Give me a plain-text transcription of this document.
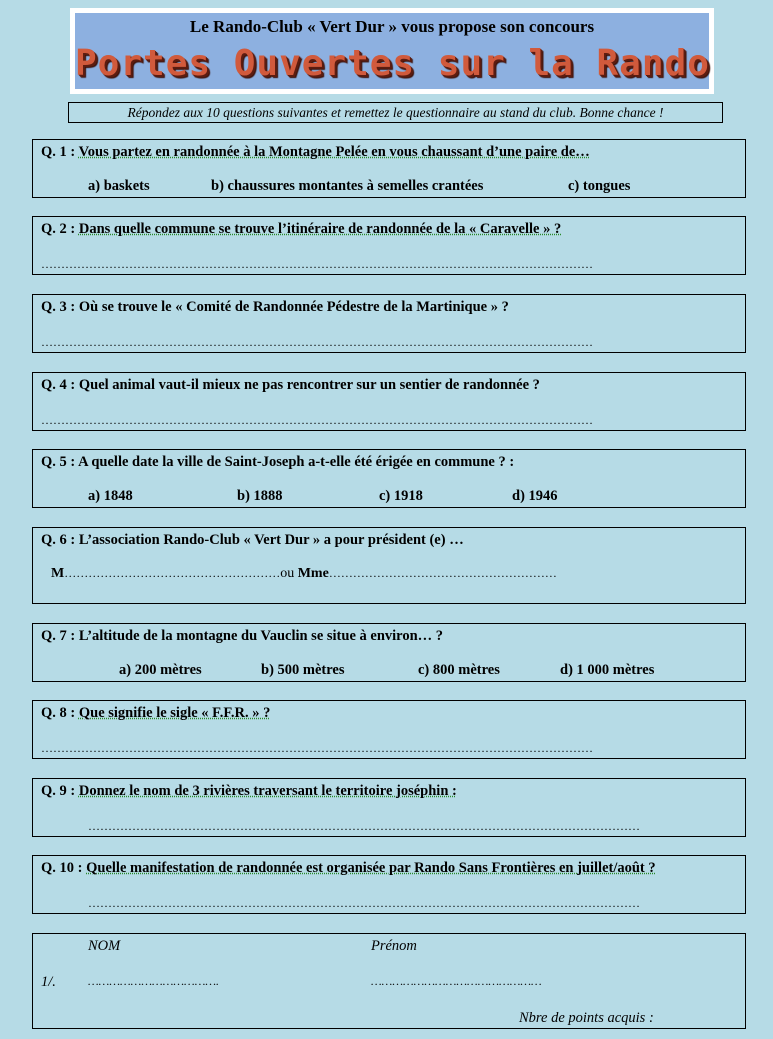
Le Rando-Club « Vert Dur » vous propose son concours
Portes Ouvertes sur la Rando
Répondez aux 10 questions suivantes et remettez le questionnaire au stand du club. Bonne chance !
Q. 1 : Vous partez en randonnée à la Montagne Pelée en vous chaussant d’une paire de…
a) baskets	b) chaussures montantes à semelles crantées	c) tongues
Q. 2 : Dans quelle commune se trouve l’itinéraire de randonnée de la « Caravelle » ?
…………………………………………………………………………………………………………………………
Q. 3 : Où se trouve le « Comité de Randonnée Pédestre de la Martinique » ?
…………………………………………………………………………………………………………………………
Q. 4 : Quel animal vaut-il mieux ne pas rencontrer sur un sentier de randonnée ?
…………………………………………………………………………………………………………………………
Q. 5 : A quelle date la ville de Saint-Joseph a-t-elle été érigée en commune ? :
a) 1848	b) 1888	c) 1918	d) 1946
Q. 6 : L’association Rando-Club « Vert Dur » a pour président (e) …
M………………………………………………ou Mme…………………………………………………
Q. 7 : L’altitude de la montagne du Vauclin se situe à environ… ?
a) 200 mètres	b) 500 mètres	c) 800 mètres	d) 1 000 mètres
Q. 8 : Que signifie le sigle « F.F.R. » ?
…………………………………………………………………………………………………………………………
Q. 9 : Donnez le nom de 3 rivières traversant le territoire joséphin :
…………………………………………………………………………………………………………………………
Q. 10 : Quelle manifestation de randonnée est organisée par Rando Sans Frontières en juillet/août ?
…………………………………………………………………………………………………………………………
NOM	Prénom
1/.	……………………………….	…………………………………………
Nbre de points acquis :
